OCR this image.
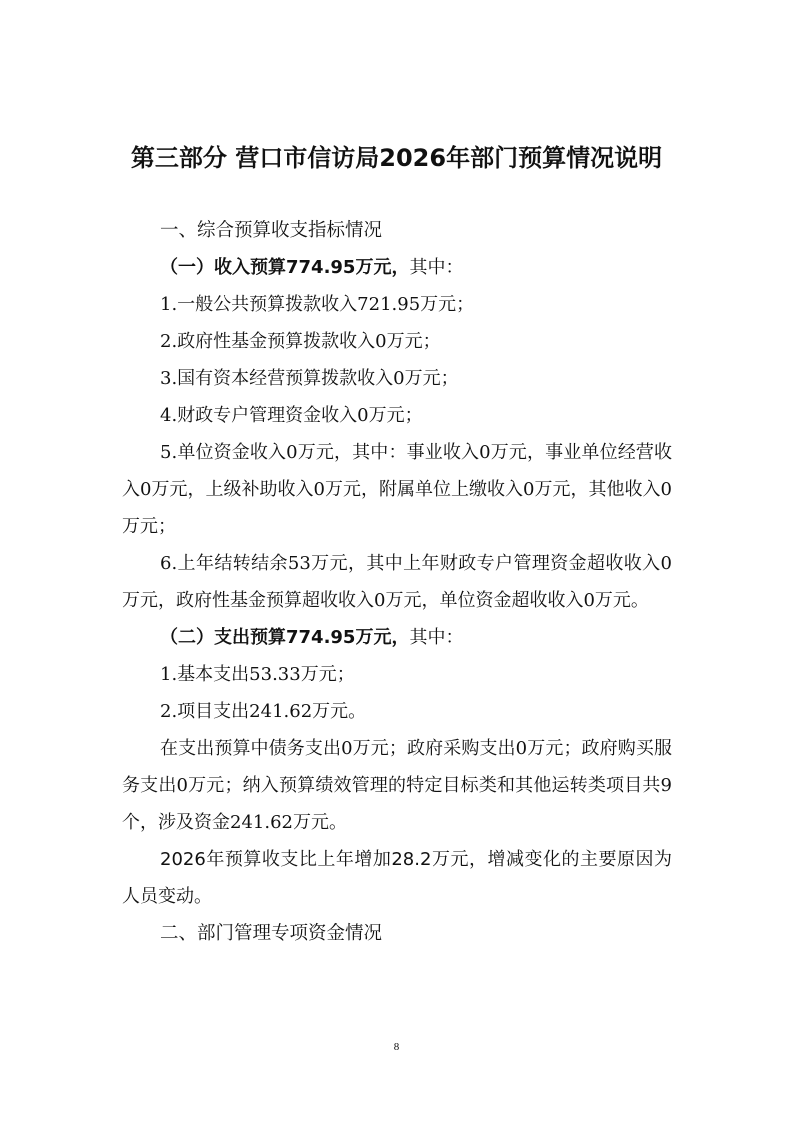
第三部分 营口市信访局2026年部门预算情况说明

一、综合预算收支指标情况

（一）收入预算774.95万元，其中：

1.一般公共预算拨款收入721.95万元；

2.政府性基金预算拨款收入0万元；

3.国有资本经营预算拨款收入0万元；

4.财政专户管理资金收入0万元；

5.单位资金收入0万元，其中：事业收入0万元，事业单位经营收入0万元，上级补助收入0万元，附属单位上缴收入0万元，其他收入0万元；

6.上年结转结余53万元，其中上年财政专户管理资金超收收入0万元，政府性基金预算超收收入0万元，单位资金超收收入0万元。

（二）支出预算774.95万元，其中：

1.基本支出53.33万元；

2.项目支出241.62万元。

在支出预算中债务支出0万元；政府采购支出0万元；政府购买服务支出0万元；纳入预算绩效管理的特定目标类和其他运转类项目共9个，涉及资金241.62万元。

2026年预算收支比上年增加28.2万元，增减变化的主要原因为人员变动。

二、部门管理专项资金情况

8
